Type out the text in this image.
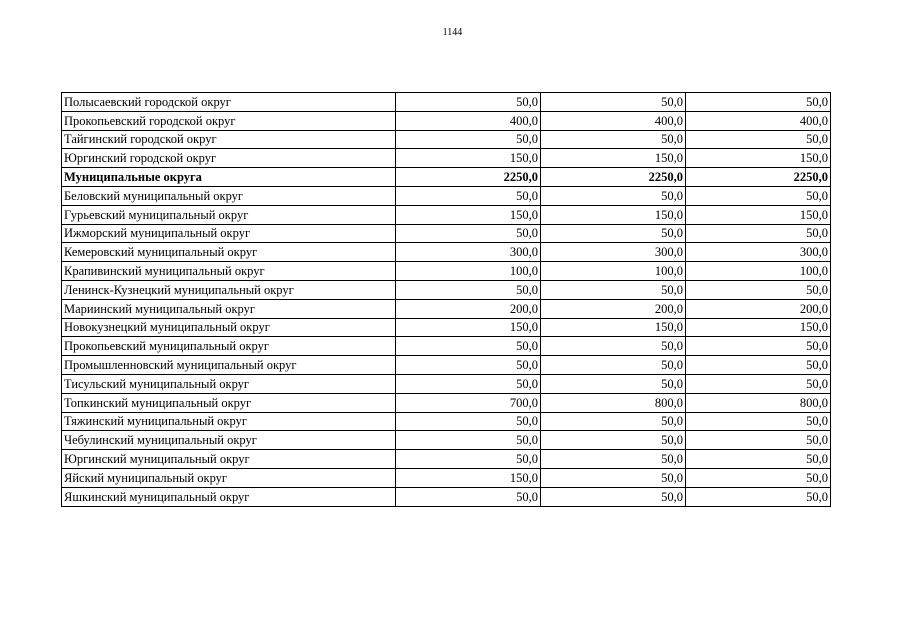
1144
Полысаевский городской округ	50,0	50,0	50,0
Прокопьевский городской округ	400,0	400,0	400,0
Тайгинский городской округ	50,0	50,0	50,0
Юргинский городской округ	150,0	150,0	150,0
Муниципальные округа	2250,0	2250,0	2250,0
Беловский муниципальный округ	50,0	50,0	50,0
Гурьевский муниципальный округ	150,0	150,0	150,0
Ижморский муниципальный округ	50,0	50,0	50,0
Кемеровский муниципальный округ	300,0	300,0	300,0
Крапивинский муниципальный округ	100,0	100,0	100,0
Ленинск-Кузнецкий муниципальный округ	50,0	50,0	50,0
Мариинский муниципальный округ	200,0	200,0	200,0
Новокузнецкий муниципальный округ	150,0	150,0	150,0
Прокопьевский муниципальный округ	50,0	50,0	50,0
Промышленновский муниципальный округ	50,0	50,0	50,0
Тисульский муниципальный округ	50,0	50,0	50,0
Топкинский муниципальный округ	700,0	800,0	800,0
Тяжинский муниципальный округ	50,0	50,0	50,0
Чебулинский муниципальный округ	50,0	50,0	50,0
Юргинский муниципальный округ	50,0	50,0	50,0
Яйский муниципальный округ	150,0	50,0	50,0
Яшкинский муниципальный округ	50,0	50,0	50,0
